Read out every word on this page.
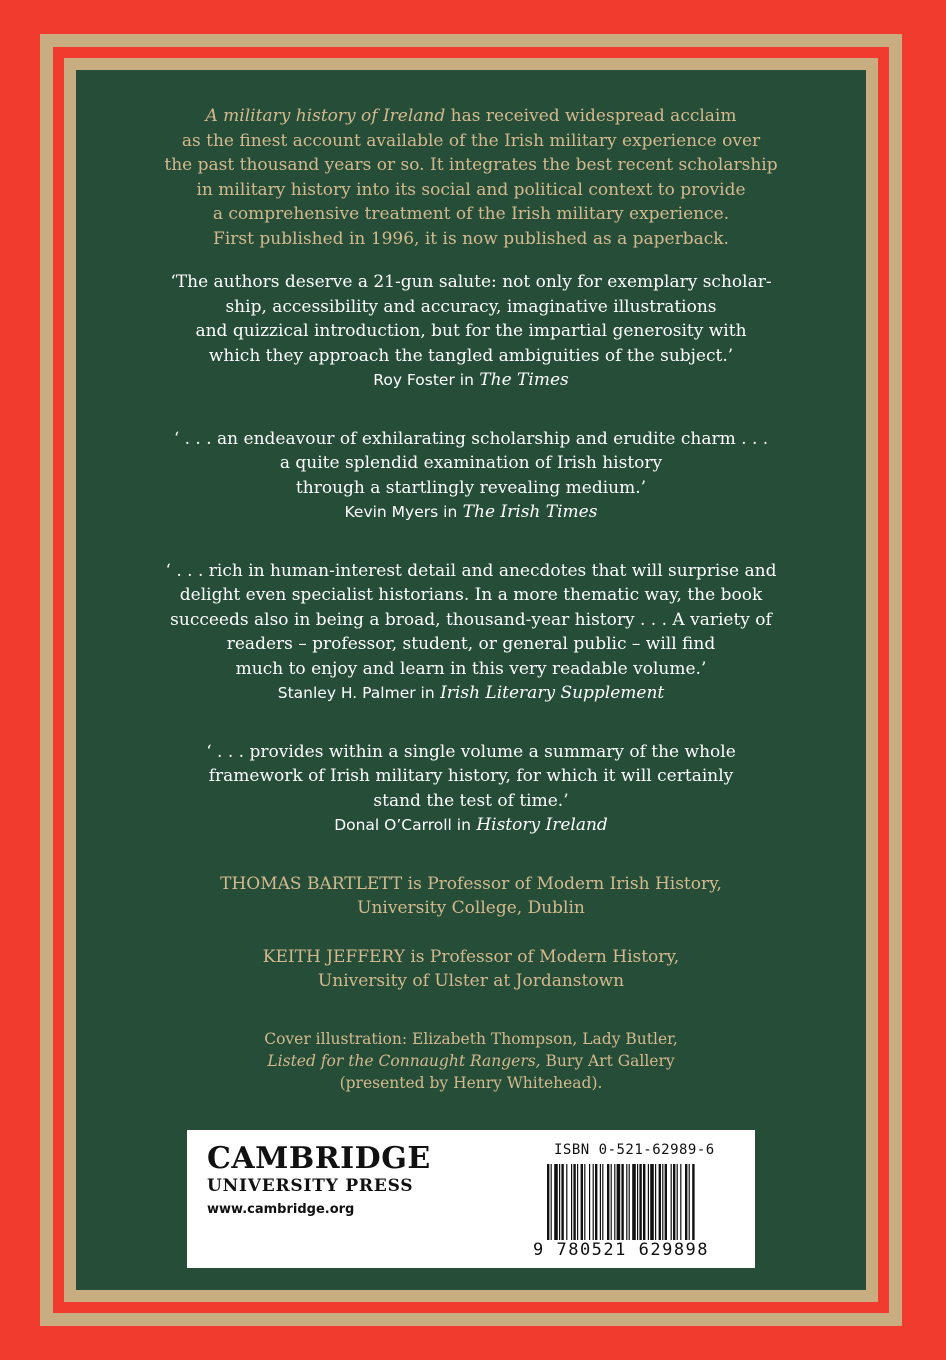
A military history of Ireland has received widespread acclaim
as the finest account available of the Irish military experience over
the past thousand years or so. It integrates the best recent scholarship
in military history into its social and political context to provide
a comprehensive treatment of the Irish military experience.
First published in 1996, it is now published as a paperback.

‘The authors deserve a 21-gun salute: not only for exemplary scholar-
ship, accessibility and accuracy, imaginative illustrations
and quizzical introduction, but for the impartial generosity with
which they approach the tangled ambiguities of the subject.’

Roy Foster in The Times

‘ . . . an endeavour of exhilarating scholarship and erudite charm . . .
a quite splendid examination of Irish history
through a startlingly revealing medium.’

Kevin Myers in The Irish Times

‘ . . . rich in human-interest detail and anecdotes that will surprise and
delight even specialist historians. In a more thematic way, the book
succeeds also in being a broad, thousand-year history . . . A variety of
readers – professor, student, or general public – will find
much to enjoy and learn in this very readable volume.’

Stanley H. Palmer in Irish Literary Supplement

‘ . . . provides within a single volume a summary of the whole
framework of Irish military history, for which it will certainly
stand the test of time.’

Donal O’Carroll in History Ireland

THOMAS BARTLETT is Professor of Modern Irish History,
University College, Dublin

KEITH JEFFERY is Professor of Modern History,
University of Ulster at Jordanstown

Cover illustration: Elizabeth Thompson, Lady Butler,
Listed for the Connaught Rangers, Bury Art Gallery
(presented by Henry Whitehead).

CAMBRIDGE
UNIVERSITY PRESS
www.cambridge.org
ISBN 0-521-62989-6
9 780521 629898
